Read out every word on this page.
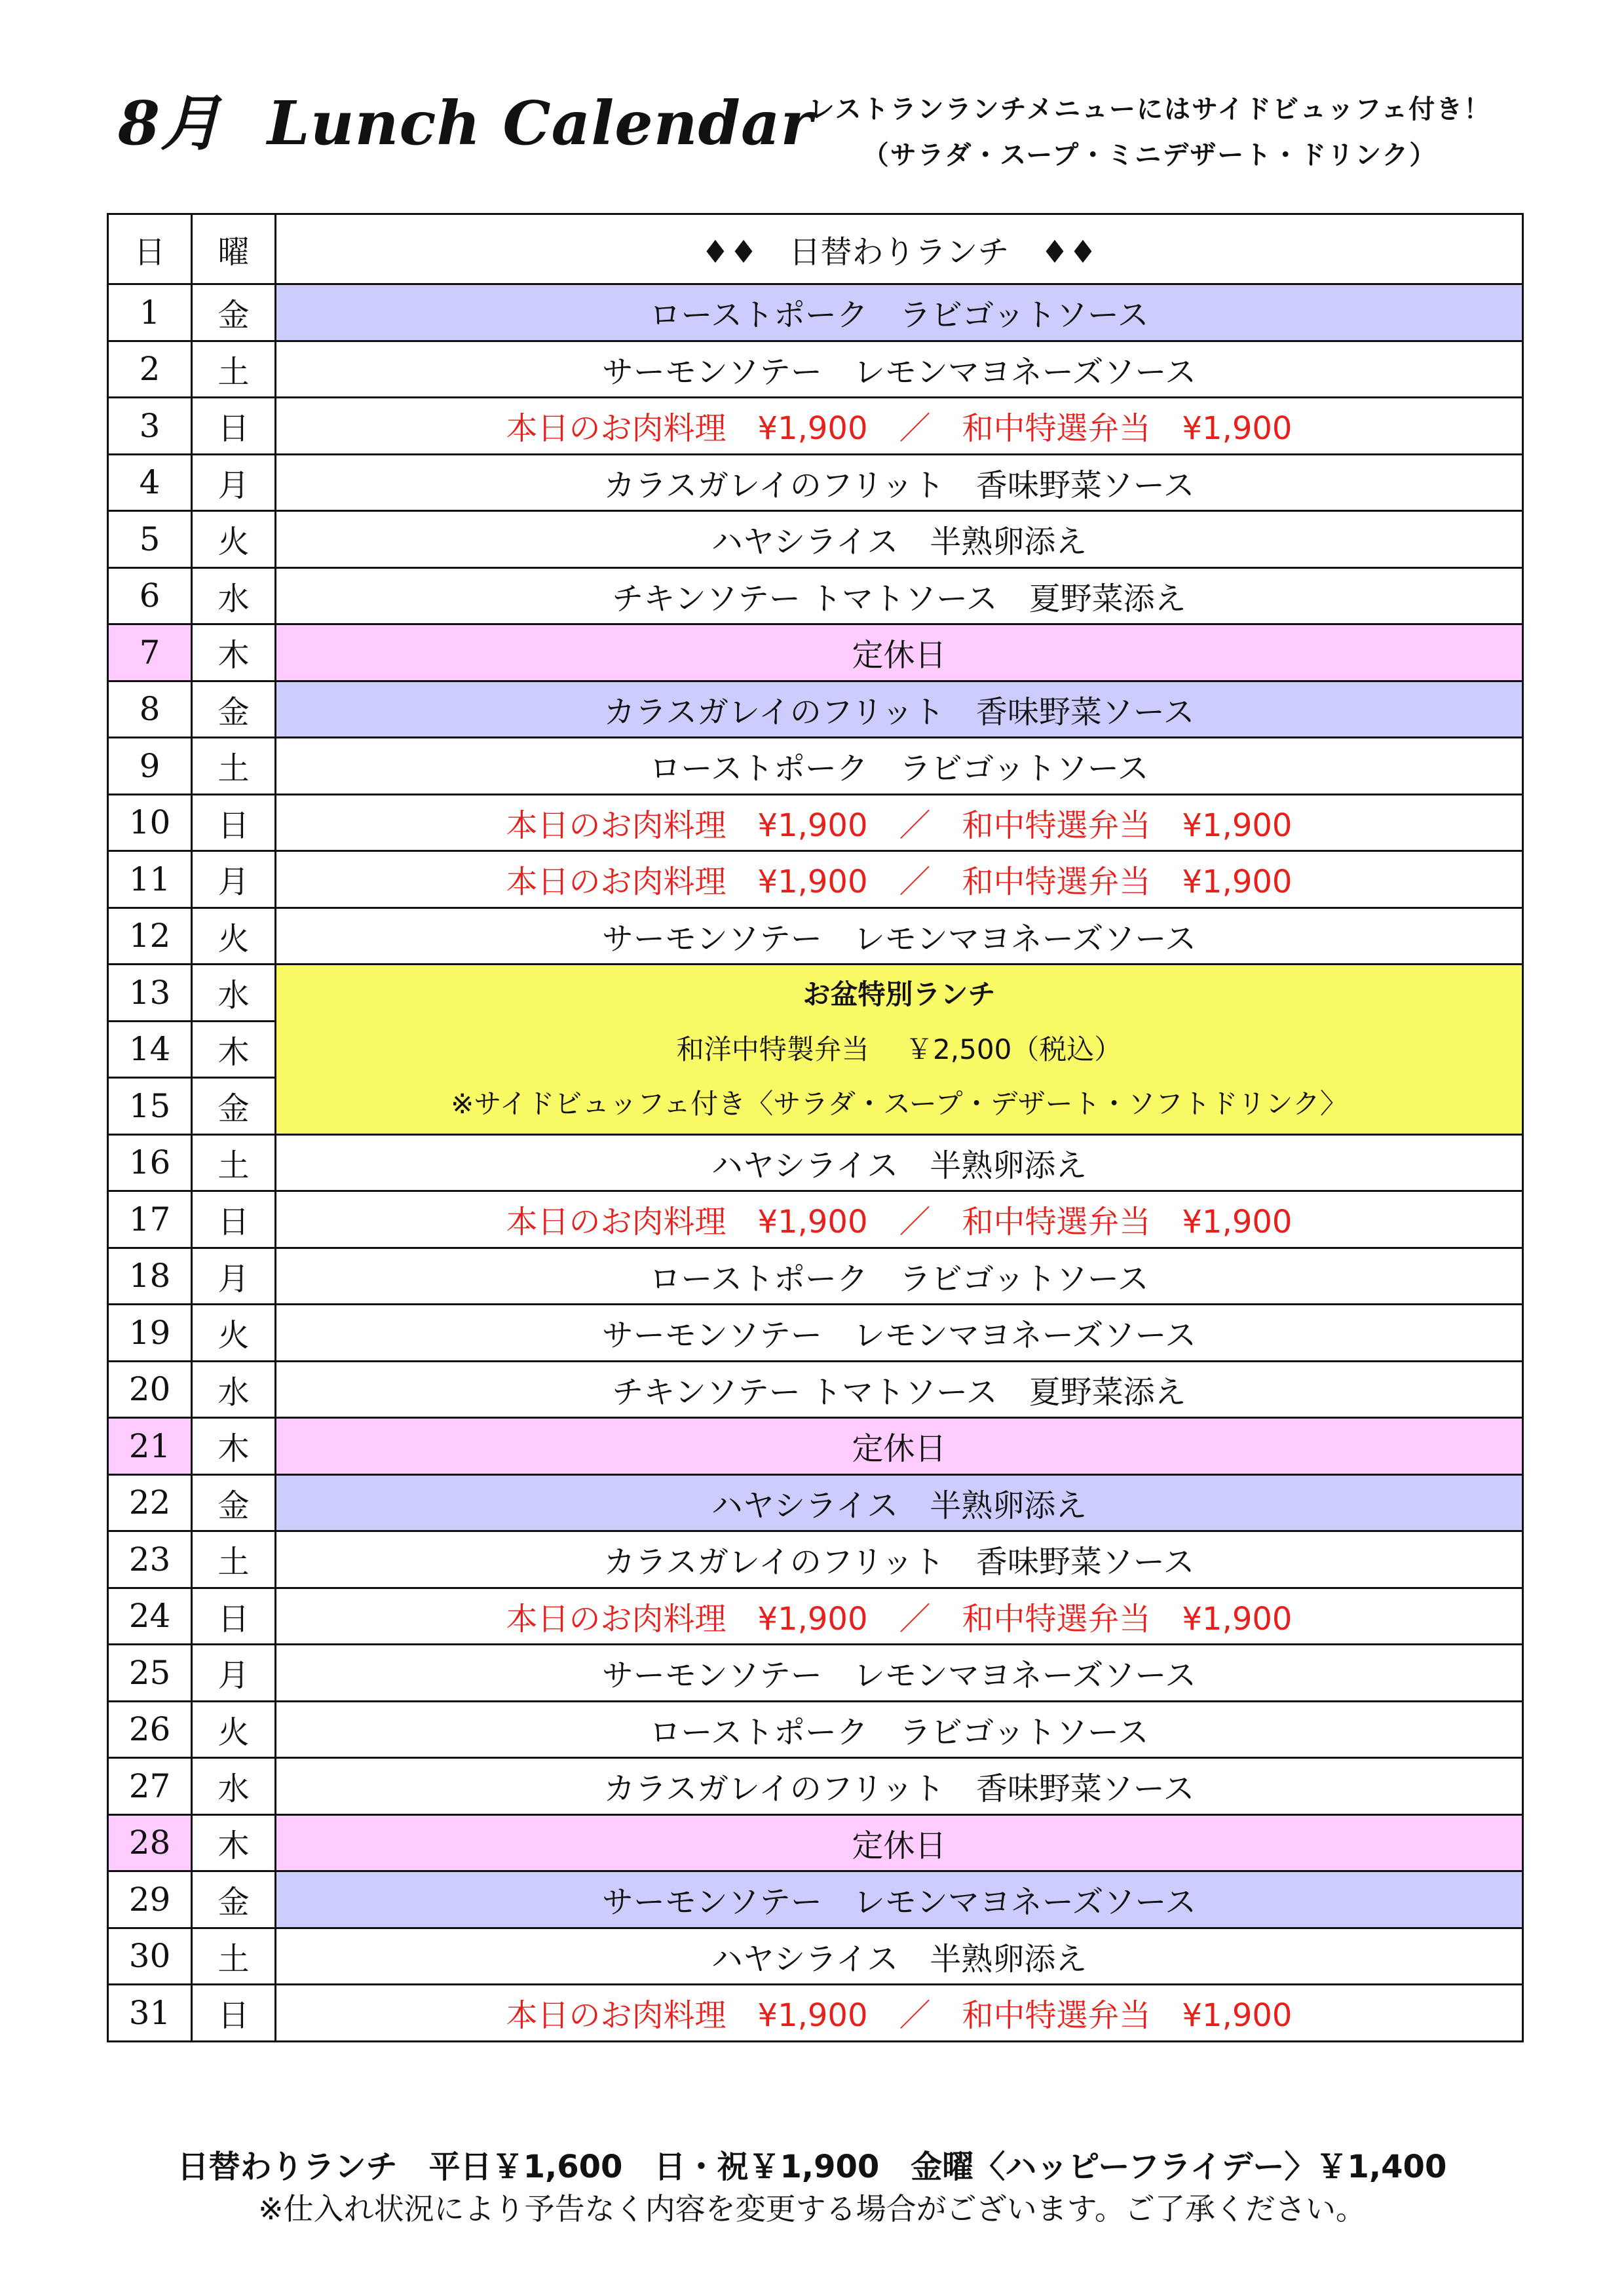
8月 Lunch Calendar
レストランランチメニューにはサイドビュッフェ付き！
（サラダ・スープ・ミニデザート・ドリンク）
日	曜	♦♦　日替わりランチ　♦♦
1	金	ローストポーク　ラビゴットソース
2	土	サーモンソテー　レモンマヨネーズソース
3	日	本日のお肉料理　¥1,900　／　和中特選弁当　¥1,900
4	月	カラスガレイのフリット　香味野菜ソース
5	火	ハヤシライス　半熟卵添え
6	水	チキンソテー トマトソース　夏野菜添え
7	木	定休日
8	金	カラスガレイのフリット　香味野菜ソース
9	土	ローストポーク　ラビゴットソース
10	日	本日のお肉料理　¥1,900　／　和中特選弁当　¥1,900
11	月	本日のお肉料理　¥1,900　／　和中特選弁当　¥1,900
12	火	サーモンソテー　レモンマヨネーズソース
13	水	お盆特別ランチ
和洋中特製弁当　 ￥2,500（税込）
※サイドビュッフェ付き〈サラダ・スープ・デザート・ソフトドリンク〉

14	木	
15	金	
16	土	ハヤシライス　半熟卵添え
17	日	本日のお肉料理　¥1,900　／　和中特選弁当　¥1,900
18	月	ローストポーク　ラビゴットソース
19	火	サーモンソテー　レモンマヨネーズソース
20	水	チキンソテー トマトソース　夏野菜添え
21	木	定休日
22	金	ハヤシライス　半熟卵添え
23	土	カラスガレイのフリット　香味野菜ソース
24	日	本日のお肉料理　¥1,900　／　和中特選弁当　¥1,900
25	月	サーモンソテー　レモンマヨネーズソース
26	火	ローストポーク　ラビゴットソース
27	水	カラスガレイのフリット　香味野菜ソース
28	木	定休日
29	金	サーモンソテー　レモンマヨネーズソース
30	土	ハヤシライス　半熟卵添え
31	日	本日のお肉料理　¥1,900　／　和中特選弁当　¥1,900
日替わりランチ　平日￥1,600　日・祝￥1,900　金曜〈ハッピーフライデー〉￥1,400
※仕入れ状況により予告なく内容を変更する場合がございます。ご了承ください。
